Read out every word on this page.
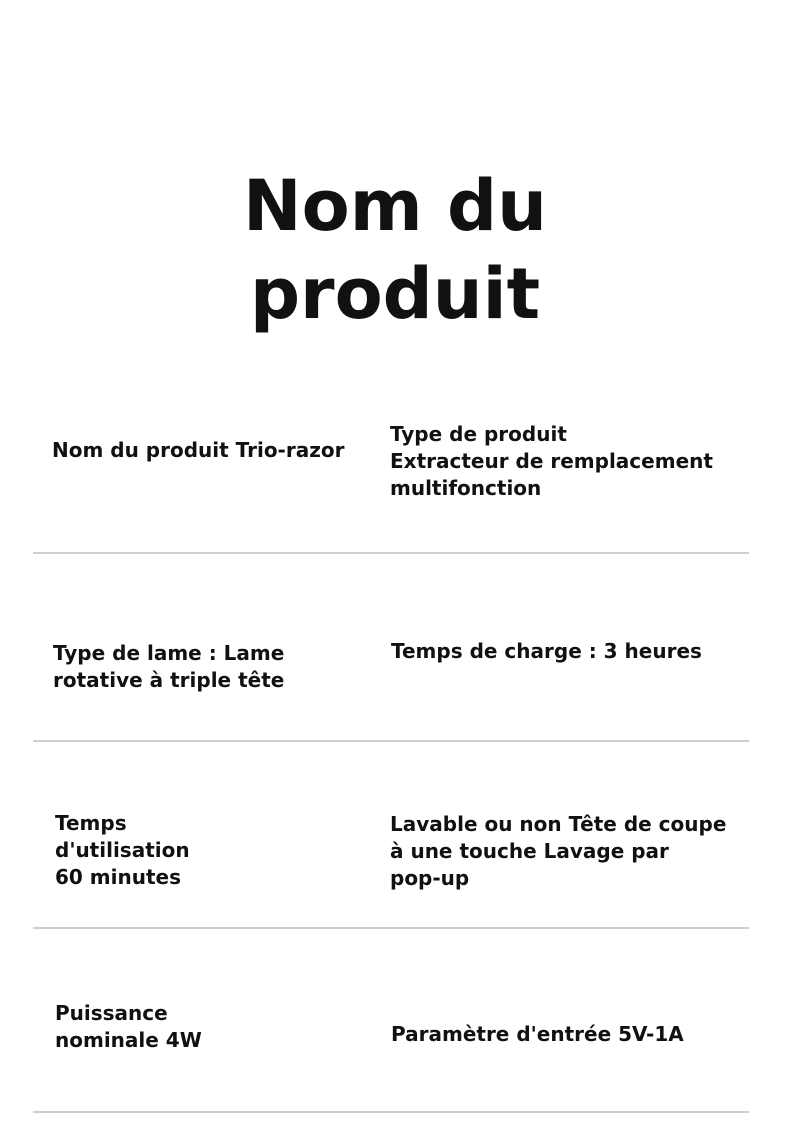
Nom du
produit
Nom du produit Trio-razor
Type de produit
Extracteur de remplacement
multifonction
Type de lame : Lame
rotative à triple tête
Temps de charge : 3 heures
Temps
d'utilisation
60 minutes
Lavable ou non Tête de coupe
à une touche Lavage par
pop-up
Puissance
nominale 4W	Paramètre d'entrée 5V-1A
